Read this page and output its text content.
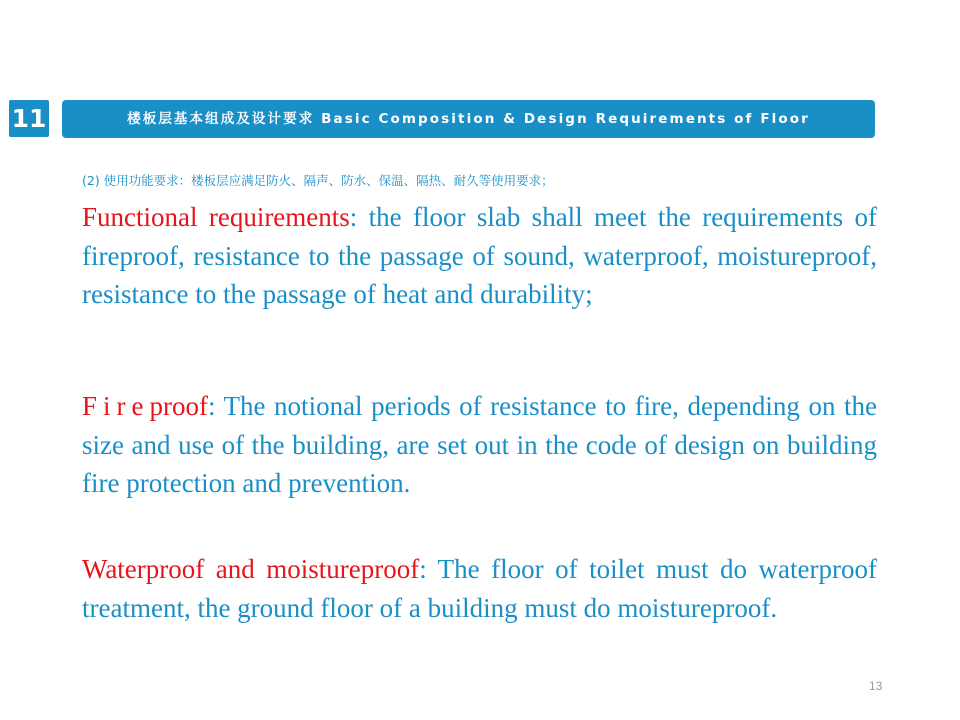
11	楼板层基本组成及设计要求 Basic Composition & Design Requirements of Floor
(2) 使用功能要求：楼板层应满足防火、隔声、防水、保温、隔热、耐久等使用要求；

Functional requirements: the floor slab shall meet the requirements of fireproof, resistance to the passage of sound, waterproof, moistureproof, resistance to the passage of heat and durability;

Fireproof: The notional periods of resistance to fire, depending on the size and use of the building, are set out in the code of design on building fire protection and prevention.

Waterproof and moistureproof: The floor of toilet must do waterproof treatment, the ground floor of a building must do moistureproof.

13
